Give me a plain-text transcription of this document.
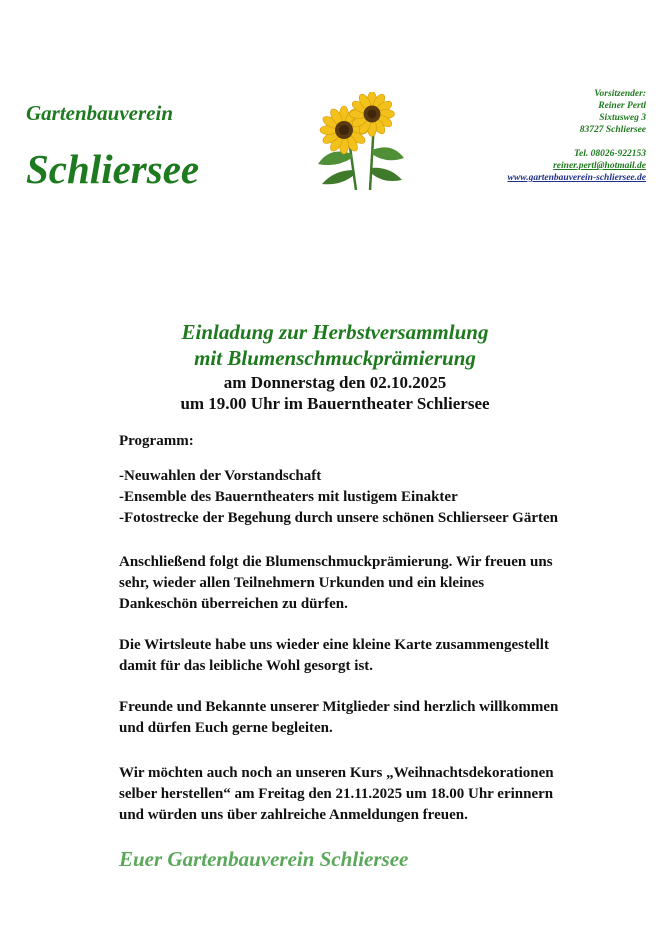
Gartenbauverein
Schliersee
Vorsitzender:
Reiner Pertl
Sixtusweg 3
83727 Schliersee
Tel. 08026-922153
reiner.pertl@hotmail.de
www.gartenbauverein-schliersee.de
Einladung zur Herbstversammlung
mit Blumenschmuckprämierung
am Donnerstag den 02.10.2025
um 19.00 Uhr im Bauerntheater Schliersee
Programm:
-Neuwahlen der Vorstandschaft
-Ensemble des Bauerntheaters mit lustigem Einakter
-Fotostrecke der Begehung durch unsere schönen Schlierseer Gärten
Anschließend folgt die Blumenschmuckprämierung. Wir freuen uns
sehr, wieder allen Teilnehmern Urkunden und ein kleines
Dankeschön überreichen zu dürfen.
Die Wirtsleute habe uns wieder eine kleine Karte zusammengestellt
damit für das leibliche Wohl gesorgt ist.
Freunde und Bekannte unserer Mitglieder sind herzlich willkommen
und dürfen Euch gerne begleiten.
Wir möchten auch noch an unseren Kurs „Weihnachtsdekorationen
selber herstellen“ am Freitag den 21.11.2025 um 18.00 Uhr erinnern
und würden uns über zahlreiche Anmeldungen freuen.
Euer Gartenbauverein Schliersee
